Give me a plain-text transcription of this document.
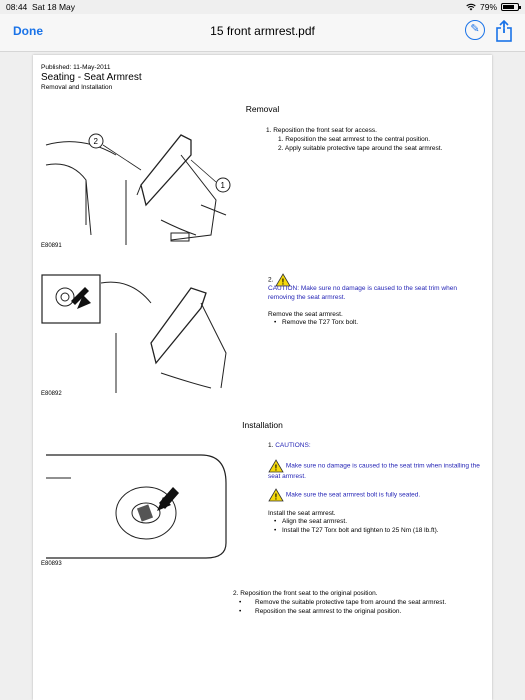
08:44 Sat 18 May	79%
Done	15 front armrest.pdf	✎
Published: 11-May-2011
Seating - Seat Armrest
Removal and Installation
Removal
2
1
E80891
1. Reposition the front seat for access.
1. Reposition the seat armrest to the central position.
2. Apply suitable protective tape around the seat armrest.
E80892
2. !
CAUTION: Make sure no damage is caused to the seat trim when removing the seat armrest.
Remove the seat armrest.
• Remove the T27 Torx bolt.
Installation
E80893
1. CAUTIONS:
! Make sure no damage is caused to the seat trim when installing the seat armrest.
! Make sure the seat armrest bolt is fully seated.
Install the seat armrest.
• Align the seat armrest.
• Install the T27 Torx bolt and tighten to 25 Nm (18 lb.ft).
2. Reposition the front seat to the original position.
• Remove the suitable protective tape from around the seat armrest.
• Reposition the seat armrest to the original position.
